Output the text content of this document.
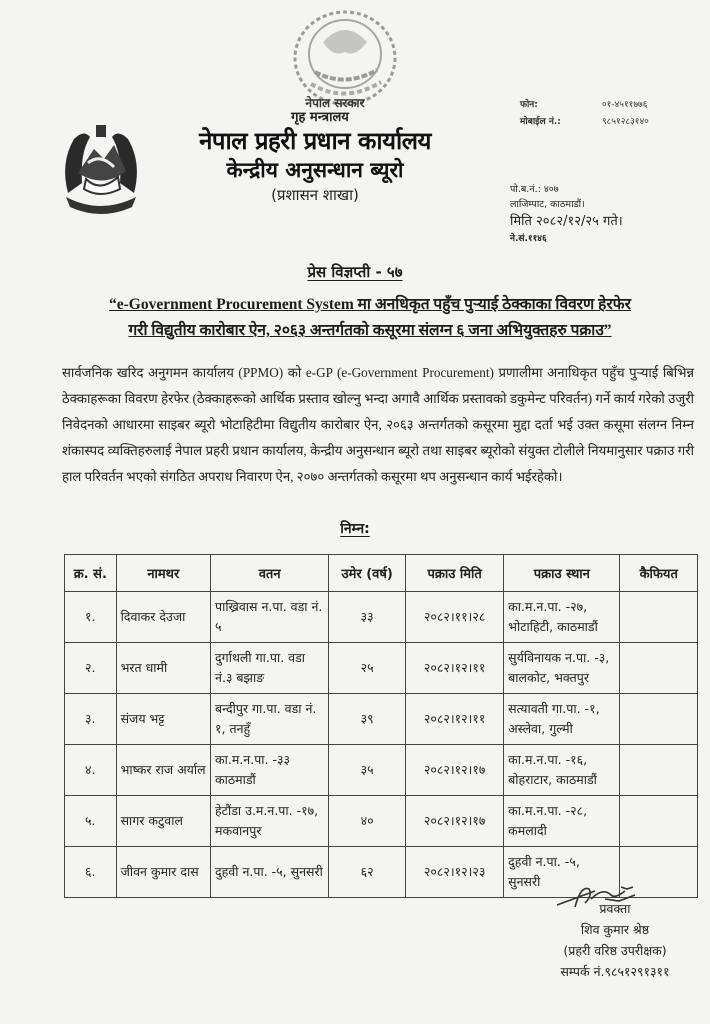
नेपाल सरकार
गृह मन्त्रालय
नेपाल प्रहरी प्रधान कार्यालय
केन्द्रीय अनुसन्धान ब्यूरो
(प्रशासन शाखा)
फोन:	०१-४५११७७६
मोबाईल नं.:	९८५१२८३१४०
पो.ब.नं.: ४०७
लाजिम्पाट, काठमाडौं।
मिति २०८२/१२/२५ गते।
ने.सं.११४६
प्रेस विज्ञप्ती - ५७
“e-Government Procurement System मा अनधिकृत पहुँच पुऱ्याई ठेक्काका विवरण हेरफेर
गरी विद्युतीय कारोबार ऐन, २०६३ अन्तर्गतको कसूरमा संलग्न ६ जना अभियुक्तहरु पक्राउ”
सार्वजनिक खरिद अनुगमन कार्यालय (PPMO) को e-GP (e-Government Procurement) प्रणालीमा अनाधिकृत पहुँच पुऱ्याई बिभिन्न ठेक्काहरूका विवरण हेरफेर (ठेक्काहरूको आर्थिक प्रस्ताव खोल्नु भन्दा अगावै आर्थिक प्रस्तावको डकुमेन्ट परिवर्तन) गर्ने कार्य गरेको उजुरी निवेदनको आधारमा साइबर ब्यूरो भोटाहिटीमा विद्युतीय कारोबार ऐन, २०६३ अन्तर्गतको कसूरमा मुद्दा दर्ता भई उक्त कसूमा संलग्न निम्न शंकास्पद व्यक्तिहरुलाई नेपाल प्रहरी प्रधान कार्यालय, केन्द्रीय अनुसन्धान ब्यूरो तथा साइबर ब्यूरोको संयुक्त टोलीले नियमानुसार पक्राउ गरी हाल परिवर्तन भएको संगठित अपराध निवारण ऐन, २०७० अन्तर्गतको कसूरमा थप अनुसन्धान कार्य भईरहेको।
निम्न:
क्र. सं.	नामथर	वतन	उमेर (वर्ष)	पक्राउ मिति	पक्राउ स्थान	कैफियत
१.	दिवाकर देउजा	पाख्रिवास न.पा. वडा नं. ५	३३	२०८२।११।२८	का.म.न.पा. -२७, भोटाहिटी, काठमाडौं	
२.	भरत धामी	दुर्गाथली गा.पा. वडा नं.३ बझाङ	२५	२०८२।१२।११	सुर्यविनायक न.पा. -३, बालकोट, भक्तपुर	
३.	संजय भट्ट	बन्दीपुर गा.पा. वडा नं. १, तनहुँ	३९	२०८२।१२।११	सत्यावती गा.पा. -१, अस्लेवा, गुल्मी	
४.	भाष्कर राज अर्याल	का.म.न.पा. -३३ काठमाडौं	३५	२०८२।१२।१७	का.म.न.पा. -१६, बोहराटार, काठमाडौं	
५.	सागर कटुवाल	हेटौंडा उ.म.न.पा. -१७, मकवानपुर	४०	२०८२।१२।१७	का.म.न.पा. -२८, कमलादी	
६.	जीवन कुमार दास	दुहवी न.पा. -५, सुनसरी	६२	२०८२।१२।२३	दुहवी न.पा. -५, सुनसरी	
प्रवक्ता
शिव कुमार श्रेष्ठ
(प्रहरी वरिष्ठ उपरीक्षक)
सम्पर्क नं.९८५१२९१३११
